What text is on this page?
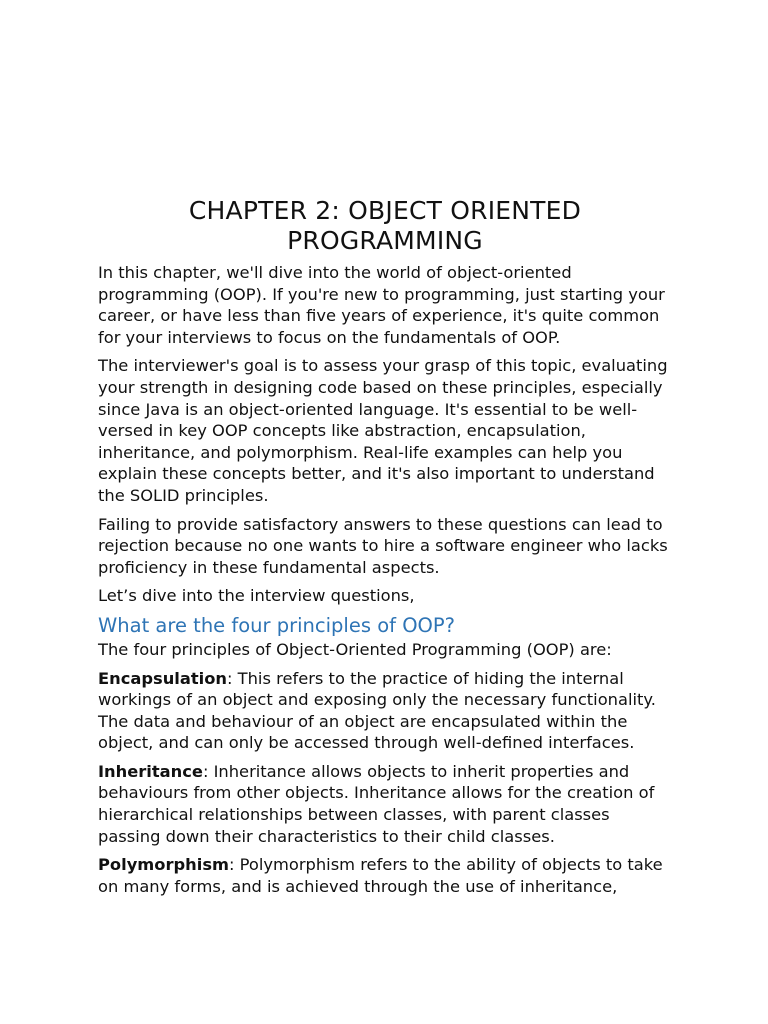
CHAPTER 2: OBJECT ORIENTED
PROGRAMMING

In this chapter, we'll dive into the world of object-oriented programming (OOP). If you're new to programming, just starting your career, or have less than five years of experience, it's quite common for your interviews to focus on the fundamentals of OOP.

The interviewer's goal is to assess your grasp of this topic, evaluating your strength in designing code based on these principles, especially since Java is an object-oriented language. It's essential to be well-versed in key OOP concepts like abstraction, encapsulation, inheritance, and polymorphism. Real-life examples can help you explain these concepts better, and it's also important to understand the SOLID principles.

Failing to provide satisfactory answers to these questions can lead to rejection because no one wants to hire a software engineer who lacks proficiency in these fundamental aspects.

Let’s dive into the interview questions,

What are the four principles of OOP?

The four principles of Object-Oriented Programming (OOP) are:

Encapsulation: This refers to the practice of hiding the internal workings of an object and exposing only the necessary functionality. The data and behaviour of an object are encapsulated within the object, and can only be accessed through well-defined interfaces.

Inheritance: Inheritance allows objects to inherit properties and behaviours from other objects. Inheritance allows for the creation of hierarchical relationships between classes, with parent classes passing down their characteristics to their child classes.

Polymorphism: Polymorphism refers to the ability of objects to take on many forms, and is achieved through the use of inheritance,
